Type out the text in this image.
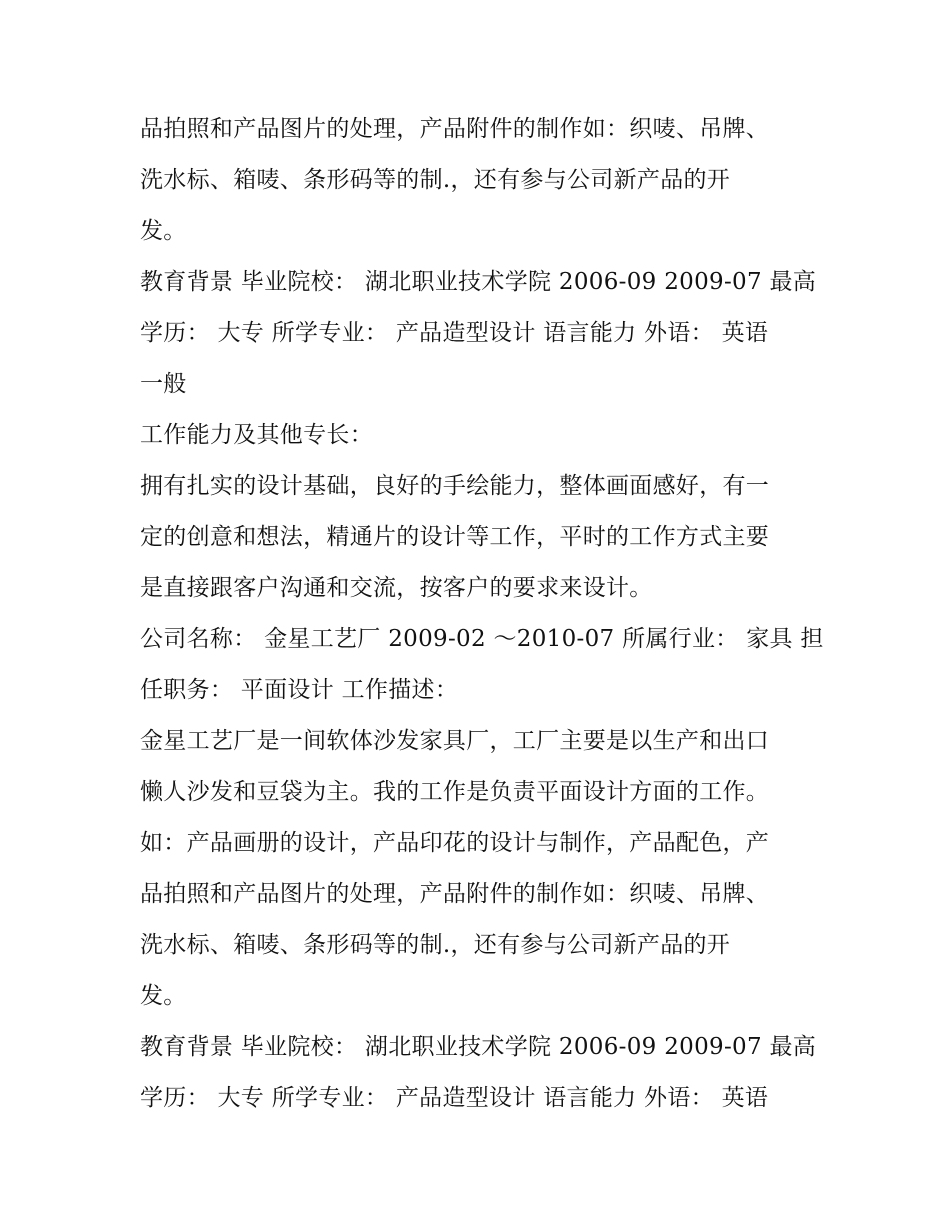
品拍照和产品图片的处理，产品附件的制作如：织唛、吊牌、
洗水标、箱唛、条形码等的制.，还有参与公司新产品的开
发。
教育背景 毕业院校： 湖北职业技术学院 2006-09 2009-07 最高
学历： 大专 所学专业： 产品造型设计 语言能力 外语： 英语
一般
工作能力及其他专长：
拥有扎实的设计基础，良好的手绘能力，整体画面感好，有一
定的创意和想法，精通片的设计等工作，平时的工作方式主要
是直接跟客户沟通和交流，按客户的要求来设计。
公司名称： 金星工艺厂 2009-02 ～2010-07 所属行业： 家具 担
任职务： 平面设计 工作描述：
金星工艺厂是一间软体沙发家具厂，工厂主要是以生产和出口
懒人沙发和豆袋为主。我的工作是负责平面设计方面的工作。
如：产品画册的设计，产品印花的设计与制作，产品配色，产
品拍照和产品图片的处理，产品附件的制作如：织唛、吊牌、
洗水标、箱唛、条形码等的制.，还有参与公司新产品的开
发。
教育背景 毕业院校： 湖北职业技术学院 2006-09 2009-07 最高
学历： 大专 所学专业： 产品造型设计 语言能力 外语： 英语
